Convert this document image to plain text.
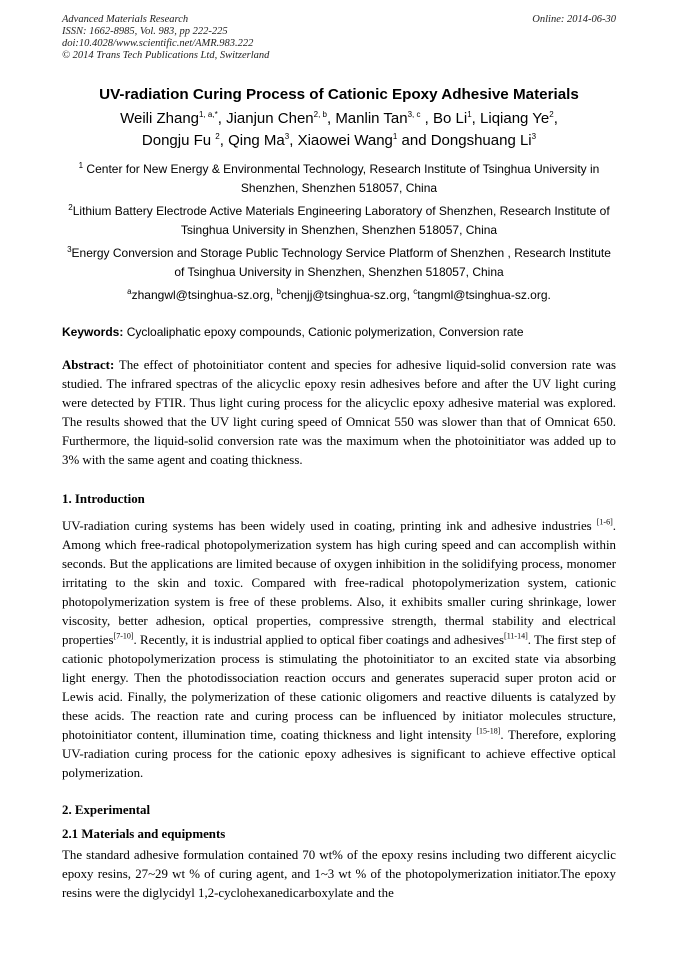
Advanced Materials Research
ISSN: 1662-8985, Vol. 983, pp 222-225
doi:10.4028/www.scientific.net/AMR.983.222
© 2014 Trans Tech Publications Ltd, Switzerland
Online: 2014-06-30
UV-radiation Curing Process of Cationic Epoxy Adhesive Materials
Weili Zhang$^{1, a,*}$, Jianjun Chen$^{2, b}$, Manlin Tan$^{3, c}$ , Bo Li$^1$, Liqiang Ye$^2$,
Dongju Fu $^2$, Qing Ma$^3$, Xiaowei Wang$^1$ and Dongshuang Li$^3$
$^1$ Center for New Energy & Environmental Technology, Research Institute of Tsinghua University in Shenzhen, Shenzhen 518057, China
$^2$Lithium Battery Electrode Active Materials Engineering Laboratory of Shenzhen, Research Institute of Tsinghua University in Shenzhen, Shenzhen 518057, China
$^3$Energy Conversion and Storage Public Technology Service Platform of Shenzhen , Research Institute of Tsinghua University in Shenzhen, Shenzhen 518057, China
$^a$zhangwl@tsinghua-sz.org, $^b$chenjj@tsinghua-sz.org, $^c$tangml@tsinghua-sz.org.
Keywords: Cycloaliphatic epoxy compounds, Cationic polymerization, Conversion rate
Abstract: The effect of photoinitiator content and species for adhesive liquid-solid conversion rate was studied. The infrared spectras of the alicyclic epoxy resin adhesives before and after the UV light curing were detected by FTIR. Thus light curing process for the alicyclic epoxy adhesive material was explored. The results showed that the UV light curing speed of Omnicat 550 was slower than that of Omnicat 650. Furthermore, the liquid-solid conversion rate was the maximum when the photoinitiator was added up to 3% with the same agent and coating thickness.
1. Introduction
UV-radiation curing systems has been widely used in coating, printing ink and adhesive industries [1-6]. Among which free-radical photopolymerization system has high curing speed and can accomplish within seconds. But the applications are limited because of oxygen inhibition in the solidifying process, monomer irritating to the skin and toxic. Compared with free-radical photopolymerization system, cationic photopolymerization system is free of these problems. Also, it exhibits smaller curing shrinkage, lower viscosity, better adhesion, optical properties, compressive strength, thermal stability and electrical properties[7-10]. Recently, it is industrial applied to optical fiber coatings and adhesives[11-14]. The first step of cationic photopolymerization process is stimulating the photoinitiator to an excited state via absorbing light energy. Then the photodissociation reaction occurs and generates superacid super proton acid or Lewis acid. Finally, the polymerization of these cationic oligomers and reactive diluents is catalyzed by these acids. The reaction rate and curing process can be influenced by initiator molecules structure, photoinitiator content, illumination time, coating thickness and light intensity [15-18]. Therefore, exploring UV-radiation curing process for the cationic epoxy adhesives is significant to achieve effective optical polymerization.
2. Experimental
2.1 Materials and equipments
The standard adhesive formulation contained 70 wt% of the epoxy resins including two different aicyclic epoxy resins, 27~29 wt % of curing agent, and 1~3 wt % of the photopolymerization initiator.The epoxy resins were the diglycidyl 1,2-cyclohexanedicarboxylate and the
